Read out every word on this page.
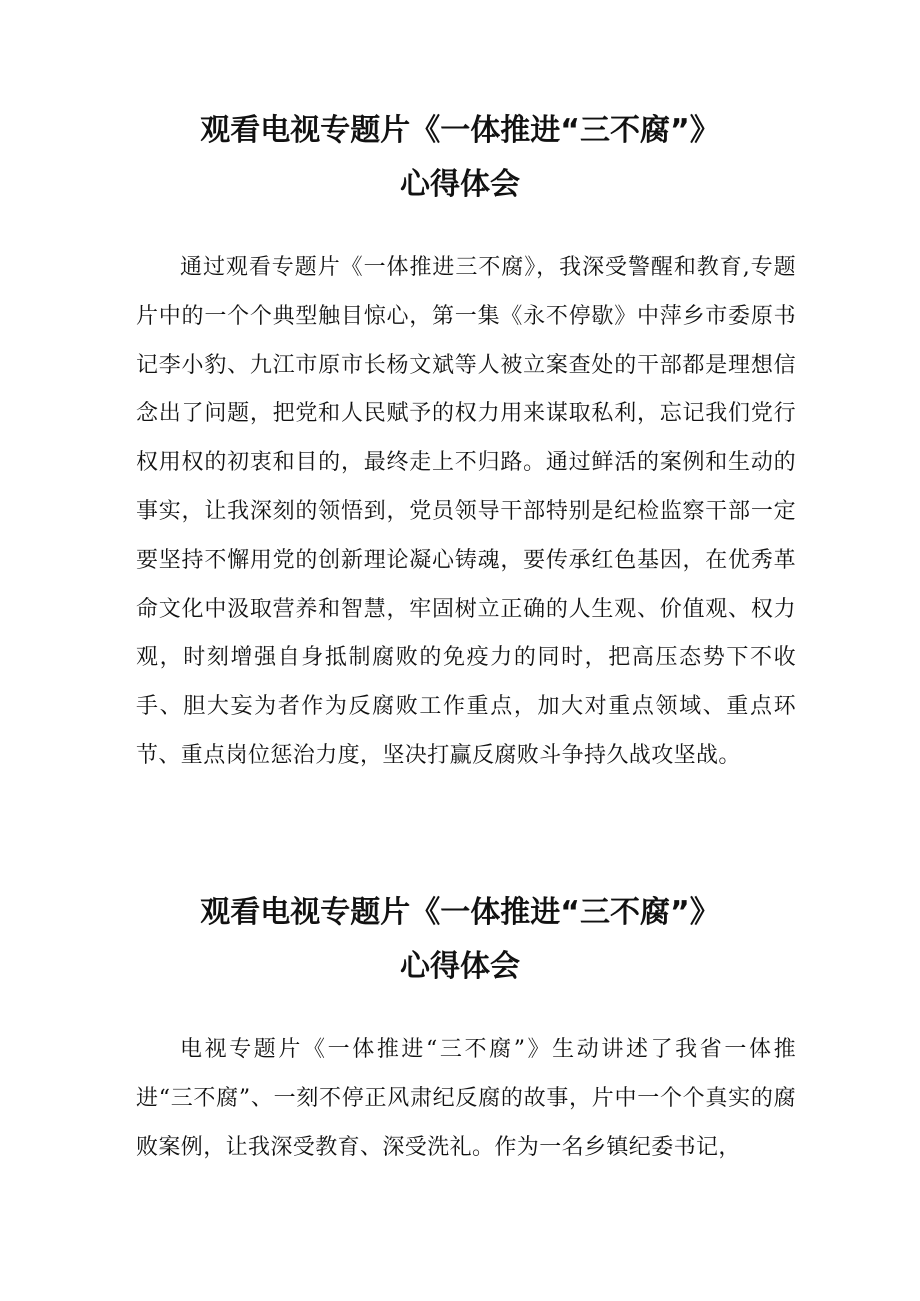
观看电视专题片《一体推进“三不腐”》
心得体会

通过观看专题片《一体推进三不腐》，我深受警醒和教育,专题片中的一个个典型触目惊心，第一集《永不停歇》中萍乡市委原书记李小豹、九江市原市长杨文斌等人被立案查处的干部都是理想信念出了问题，把党和人民赋予的权力用来谋取私利，忘记我们党行权用权的初衷和目的，最终走上不归路。通过鲜活的案例和生动的事实，让我深刻的领悟到，党员领导干部特别是纪检监察干部一定要坚持不懈用党的创新理论凝心铸魂，要传承红色基因，在优秀革命文化中汲取营养和智慧，牢固树立正确的人生观、价值观、权力观，时刻增强自身抵制腐败的免疫力的同时，把高压态势下不收手、胆大妄为者作为反腐败工作重点，加大对重点领域、重点环节、重点岗位惩治力度，坚决打赢反腐败斗争持久战攻坚战。

观看电视专题片《一体推进“三不腐”》
心得体会

电视专题片《一体推进“三不腐”》生动讲述了我省一体推进“三不腐”、一刻不停正风肃纪反腐的故事，片中一个个真实的腐败案例，让我深受教育、深受洗礼。作为一名乡镇纪委书记，
